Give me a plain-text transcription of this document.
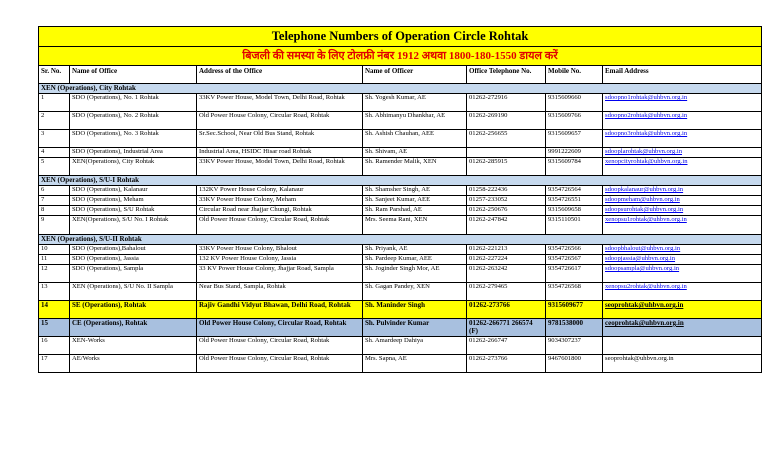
Telephone Numbers of Operation Circle Rohtak						
बिजली की समस्या के लिए टोलफ्री नंबर 1912 अथवा 1800-180-1550 डायल करें						
Sr. No.	Name of Office	Address of the Office	Name of Officer	Office Telephone No.	Mobile No.	Email Address
XEN (Operations), City Rohtak						
1	SDO (Operations), No. 1 Rohtak	33KV Power House, Model Town, Delhi Road, Rohtak	Sh. Yogesh Kumar, AE	01262-272916	9315609660	sdoopno1rohtak@uhbvn.org.in
2	SDO (Operations), No. 2 Rohtak	Old Power House Colony, Circular Road, Rohtak	Sh. Abhimanyu Dhankhar, AE	01262-269190	9315609766	sdoopno2rohtak@uhbvn.org.in
3	SDO (Operations), No. 3 Rohtak	Sr.Sec.School, Near Old Bus Stand, Rohtak	Sh. Ashish Chauhan, AEE	01262-256655	9315609657	sdoopno3rohtak@uhbvn.org.in
4	SDO (Operations), Industrial Area	Industrial Area, HSIDC Hisar road Rohtak	Sh. Shivam, AE		9991222609	sdooplarohtak@uhbvn.org.in
5	XEN(Operations), City Rohtak	33KV Power House, Model Town, Delhi Road, Rohtak	Sh. Ramender Malik, XEN	01262-285915	9315609784	xenopcityrohtak@uhbvn.org.in
XEN (Operations), S/U-I Rohtak						
6	SDO (Operations), Kalanaur	132KV Power House Colony, Kalanaur	Sh. Shamsher Singh, AE	01258-222436	9354726564	sdoopkalanaur@uhbvn.org.in
7	SDO (Operations), Meham	33KV Power House Colony, Meham	Sh. Sanjeet Kumar, AEE	01257-233052	9354726551	sdoopmeham@uhbvn.org.in
8	SDO (Operations), S/U Rohtak	Circular Road near Jhajjar Chungi, Rohtak	Sh. Ram Parshad, AE	01262-250676	9315609658	sdoopsurohtak@uhbvn.org.in
9	XEN(Operations), S/U No. I Rohtak	Old Power House Colony, Circular Road, Rohtak	Mrs. Seema Rani, XEN	01262-247842	9315110501	xenopsu1rohtak@uhbvn.org.in
XEN (Operations), S/U-II Rohtak						
10	SDO (Operations),Bahalout	33KV Power House Colony, Bhalout	Sh. Priyank, AE	01262-221213	9354726566	sdoopbhalout@uhbvn.org.in
11	SDO (Operations), Jassia	132 KV Power House Colony, Jassia	Sh. Pardeep Kumar, AEE	01262-227224	9354726567	sdoopjassia@uhbvn.org.in
12	SDO (Operations), Sampla	33 KV Power House Colony, Jhajjar Road, Sampla	Sh. Joginder Singh Mor, AE	01262-263242	9354726617	sdoopsampla@uhbvn.org.in
13	XEN (Operations), S/U No. II Sampla	Near Bus Stand, Sampla, Rohtak	Sh. Gagan Pandey, XEN	01262-279465	9354726568	xenopsu2rohtak@uhbvn.org.in
14	SE (Operations), Rohtak	Rajiv Gandhi Vidyut Bhawan, Delhi Road, Rohtak	Sh. Maninder Singh	01262-273766	9315609677	seoprohtak@uhbvn.org.in
15	CE (Operations), Rohtak	Old Power House Colony, Circular Road, Rohtak	Sh. Pulvinder Kumar	01262-266771 266574 (F)	9781538000	ceoprohtak@uhbvn.org.in
16	XEN-Works	Old Power House Colony, Circular Road, Rohtak	Sh. Amardeep Dahiya	01262-266747	9034307237	
17	AE/Works	Old Power House Colony, Circular Road, Rohtak	Mrs. Sapna, AE	01262-273766	9467601800	seoprohtak@uhbvn.org.in
